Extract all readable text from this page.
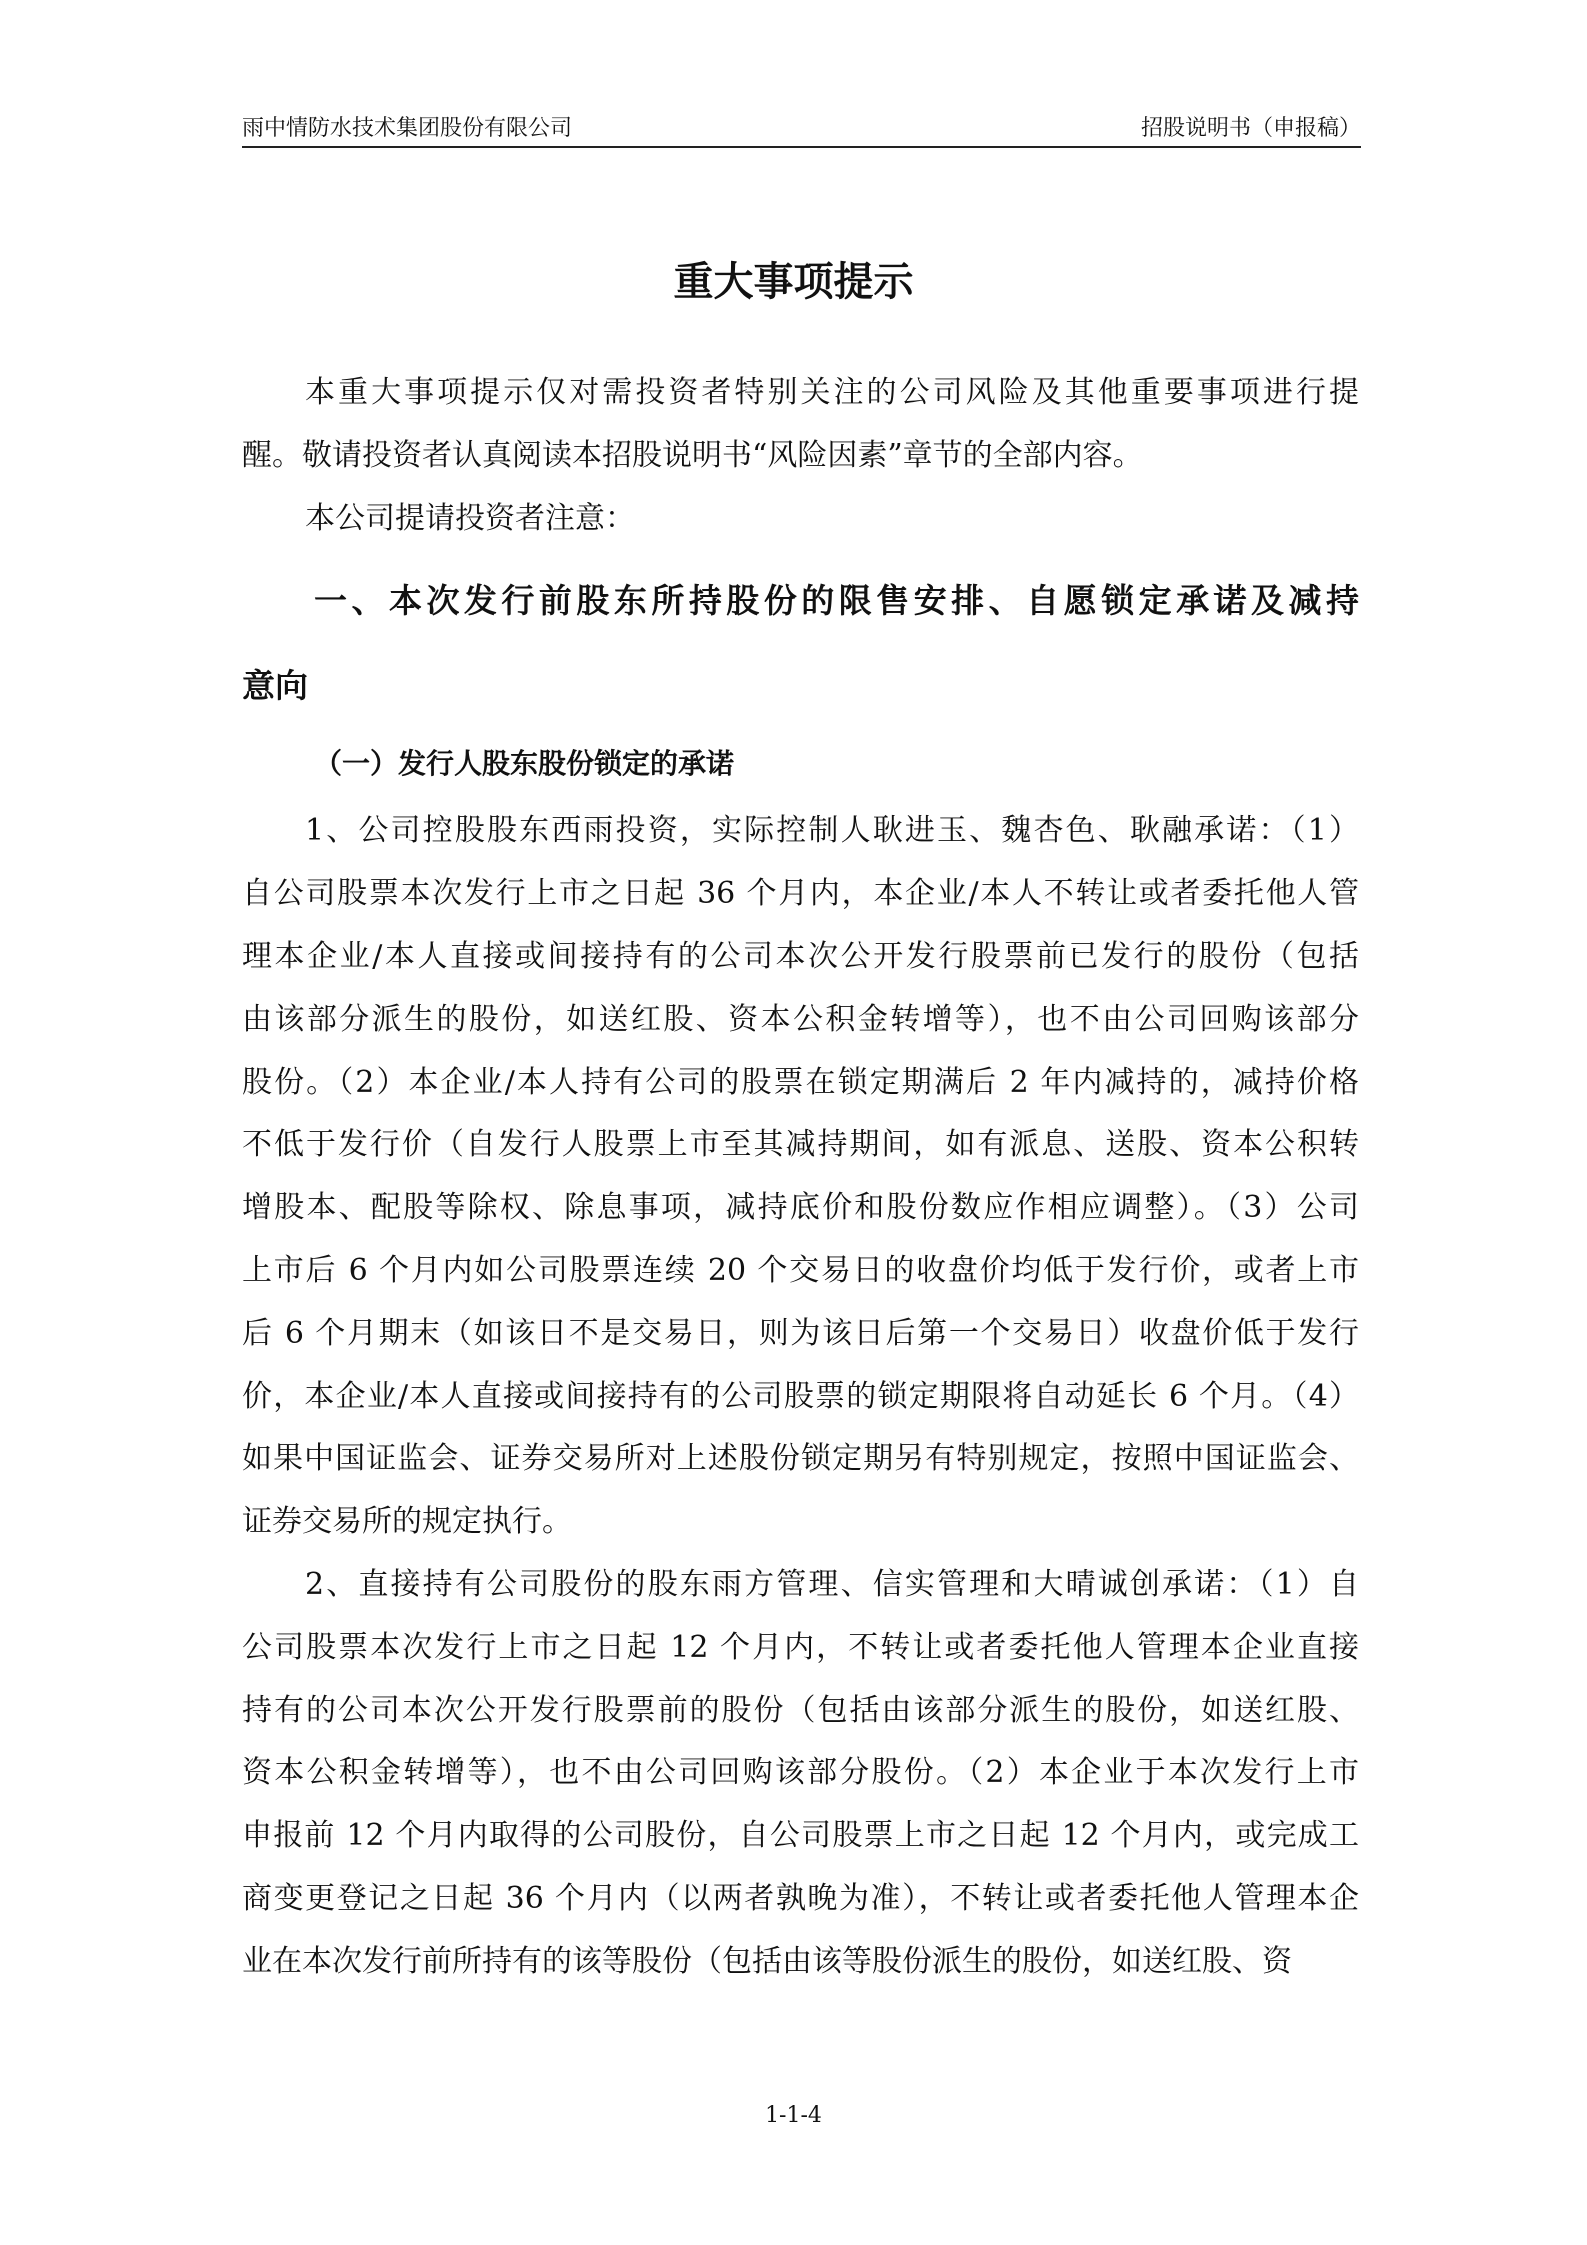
雨中情防水技术集团股份有限公司	招股说明书（申报稿）
重大事项提示
本重大事项提示仅对需投资者特别关注的公司风险及其他重要事项进行提
醒。敬请投资者认真阅读本招股说明书“风险因素”章节的全部内容。
本公司提请投资者注意：
一、本次发行前股东所持股份的限售安排、自愿锁定承诺及减持
意向
（一）发行人股东股份锁定的承诺
1、公司控股股东西雨投资，实际控制人耿进玉、魏杏色、耿融承诺：（1）
自公司股票本次发行上市之日起 36 个月内，本企业/本人不转让或者委托他人管
理本企业/本人直接或间接持有的公司本次公开发行股票前已发行的股份（包括
由该部分派生的股份，如送红股、资本公积金转增等），也不由公司回购该部分
股份。（2）本企业/本人持有公司的股票在锁定期满后 2 年内减持的，减持价格
不低于发行价（自发行人股票上市至其减持期间，如有派息、送股、资本公积转
增股本、配股等除权、除息事项，减持底价和股份数应作相应调整）。（3）公司
上市后 6 个月内如公司股票连续 20 个交易日的收盘价均低于发行价，或者上市
后 6 个月期末（如该日不是交易日，则为该日后第一个交易日）收盘价低于发行
价，本企业/本人直接或间接持有的公司股票的锁定期限将自动延长 6 个月。（4）
如果中国证监会、证券交易所对上述股份锁定期另有特别规定，按照中国证监会、
证券交易所的规定执行。
2、直接持有公司股份的股东雨方管理、信实管理和大晴诚创承诺：（1）自
公司股票本次发行上市之日起 12 个月内，不转让或者委托他人管理本企业直接
持有的公司本次公开发行股票前的股份（包括由该部分派生的股份，如送红股、
资本公积金转增等），也不由公司回购该部分股份。（2）本企业于本次发行上市
申报前 12 个月内取得的公司股份，自公司股票上市之日起 12 个月内，或完成工
商变更登记之日起 36 个月内（以两者孰晚为准），不转让或者委托他人管理本企
业在本次发行前所持有的该等股份（包括由该等股份派生的股份，如送红股、资
1-1-4
